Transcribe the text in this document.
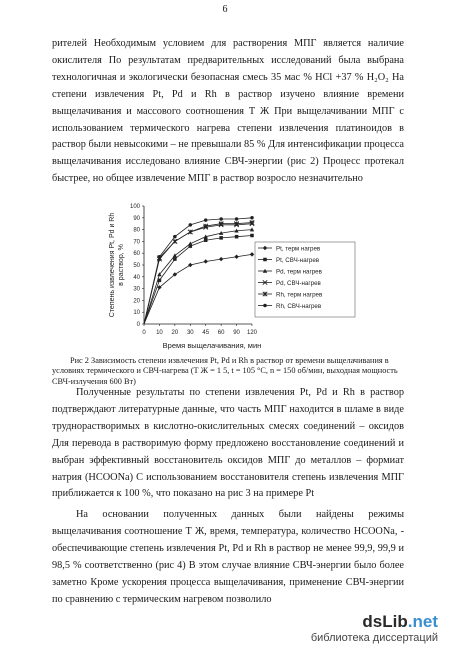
6

рителей Необходимым условием для растворения МПГ является наличие окислителя По результатам предварительных исследований была выбрана технологичная и экологически безопасная смесь 35 мас % HCl +37 % H₂O₂ На степени извлечения Pt, Pd и Rh в раствор изучено влияние времени выщелачивания и массового соотношения Т Ж При выщелачивании МПГ с использованием термического нагрева степени извлечения платиноидов в раствор были невысокими – не превышали 85 % Для интенсификации процесса выщелачивания исследовано влияние СВЧ-энергии (рис 2) Процесс протекал быстрее, но общее извлечение МПГ в раствор возросло незначительно

0
10
20
30
40
50
60
70
80
90
100
0 10 20 30 45 60 90 120
Степень извлечения Pt, Pd и Rh в раствор, %
Время выщелачивания, мин
Pt, терм нагрев
Pt, СВЧ-нагрев
Pd, терм нагрев
Pd, СВЧ-нагрев
Rh, терм нагрев
Rh, СВЧ-нагрев

Рис 2 Зависимость степени извлечения Pt, Pd и Rh в раствор от времени выщелачивания в условиях термического и СВЧ-нагрева (Т Ж = 1 5, t = 105 °С, n = 150 об/мин, выходная мощность СВЧ-излучения 600 Вт)

Полученные результаты по степени извлечения Pt, Pd и Rh в раствор подтверждают литературные данные, что часть МПГ находится в шламе в виде труднорастворимых в кислотно-окислительных смесях соединений – оксидов Для перевода в растворимую форму предложено восстановление соединений и выбран эффективный восстановитель оксидов МПГ до металлов – формиат натрия (HCOONa) С использованием восстановителя степень извлечения МПГ приближается к 100 %, что показано на рис 3 на примере Pt

На основании полученных данных были найдены режимы выщелачивания соотношение Т Ж, время, температура, количество HCOONa, - обеспечивающие степень извлечения Pt, Pd и Rh в раствор не менее 99,9, 99,9 и 98,5 % соответственно (рис 4) В этом случае влияние СВЧ-энергии было более заметно Кроме ускорения процесса выщелачивания, применение СВЧ-энергии по сравнению с термическим нагревом позволило

dsLib.net
библиотека диссертаций
